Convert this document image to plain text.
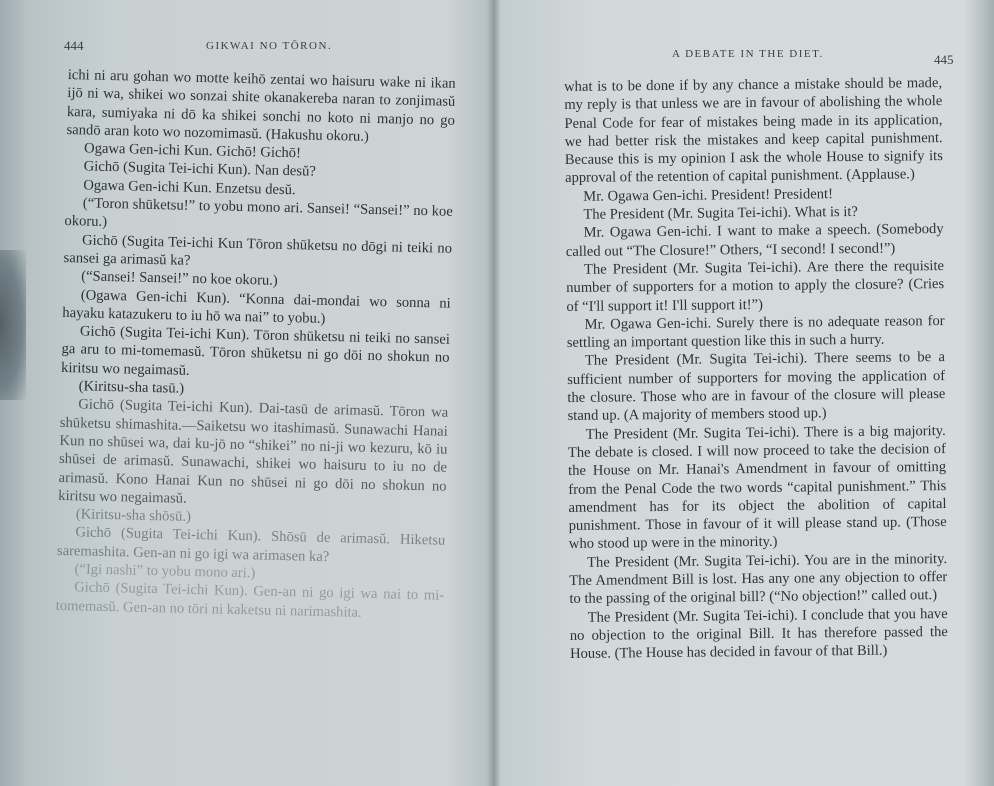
444	GIKWAI NO TŌRON.

ichi ni aru gohan wo motte keihō zentai wo haisuru wake ni ikan ijō ni wa, shikei wo sonzai shite okanakereba naran to zonjimasŭ kara, sumiyaka ni dō ka shikei sonchi no koto ni manjo no go sandō aran koto wo nozomimasŭ. (Hakushu okoru.)

Ogawa Gen-ichi Kun. Gichō! Gichō!

Gichō (Sugita Tei-ichi Kun). Nan desŭ?

Ogawa Gen-ichi Kun. Enzetsu desŭ.

(“Toron shūketsu!” to yobu mono ari. Sansei! “Sansei!” no koe okoru.)

Gichō (Sugita Tei-ichi Kun Tōron shūketsu no dōgi ni teiki no sansei ga arimasŭ ka?

(“Sansei! Sansei!” no koe okoru.)

(Ogawa Gen-ichi Kun). “Konna dai-mondai wo sonna ni hayaku katazukeru to iu hō wa nai” to yobu.)

Gichō (Sugita Tei-ichi Kun). Tōron shūketsu ni teiki no sansei ga aru to mi-tomemasŭ. Tōron shūketsu ni go dōi no shokun no kiritsu wo negaimasŭ.

(Kiritsu-sha tasū.)

Gichō (Sugita Tei-ichi Kun). Dai-tasū de arimasŭ. Tōron wa shūketsu shimashita.—Saiketsu wo itashimasŭ. Sunawachi Hanai Kun no shūsei wa, dai ku-jō no “shikei” no ni-ji wo kezuru, kō iu shūsei de arimasŭ. Sunawachi, shikei wo haisuru to iu no de arimasŭ. Kono Hanai Kun no shūsei ni go dōi no shokun no kiritsu wo negaimasŭ.

(Kiritsu-sha shōsū.)

Gichō (Sugita Tei-ichi Kun). Shōsū de arimasŭ. Hiketsu saremashita. Gen-an ni go igi wa arimasen ka?

(“Igi nashi” to yobu mono ari.)

Gichō (Sugita Tei-ichi Kun). Gen-an ni go igi wa nai to mi-tomemasŭ. Gen-an no tōri ni kaketsu ni narimashita.

A DEBATE IN THE DIET.	445

what is to be done if by any chance a mistake should be made, my reply is that unless we are in favour of abolishing the whole Penal Code for fear of mistakes being made in its application, we had better risk the mistakes and keep capital punishment. Because this is my opinion I ask the whole House to signify its approval of the retention of capital punishment. (Applause.)

Mr. Ogawa Gen-ichi. President! President!

The President (Mr. Sugita Tei-ichi). What is it?

Mr. Ogawa Gen-ichi. I want to make a speech. (Somebody called out “The Closure!” Others, “I second! I second!”)

The President (Mr. Sugita Tei-ichi). Are there the requisite number of supporters for a motion to apply the closure? (Cries of “I'll support it! I'll support it!”)

Mr. Ogawa Gen-ichi. Surely there is no adequate reason for settling an important question like this in such a hurry.

The President (Mr. Sugita Tei-ichi). There seems to be a sufficient number of supporters for moving the application of the closure. Those who are in favour of the closure will please stand up. (A majority of members stood up.)

The President (Mr. Sugita Tei-ichi). There is a big majority. The debate is closed. I will now proceed to take the decision of the House on Mr. Hanai's Amendment in favour of omitting from the Penal Code the two words “capital punishment.” This amendment has for its object the abolition of capital punishment. Those in favour of it will please stand up. (Those who stood up were in the minority.)

The President (Mr. Sugita Tei-ichi). You are in the minority. The Amendment Bill is lost. Has any one any objection to offer to the passing of the original bill? (“No objection!” called out.)

The President (Mr. Sugita Tei-ichi). I conclude that you have no objection to the original Bill. It has therefore passed the House. (The House has decided in favour of that Bill.)
